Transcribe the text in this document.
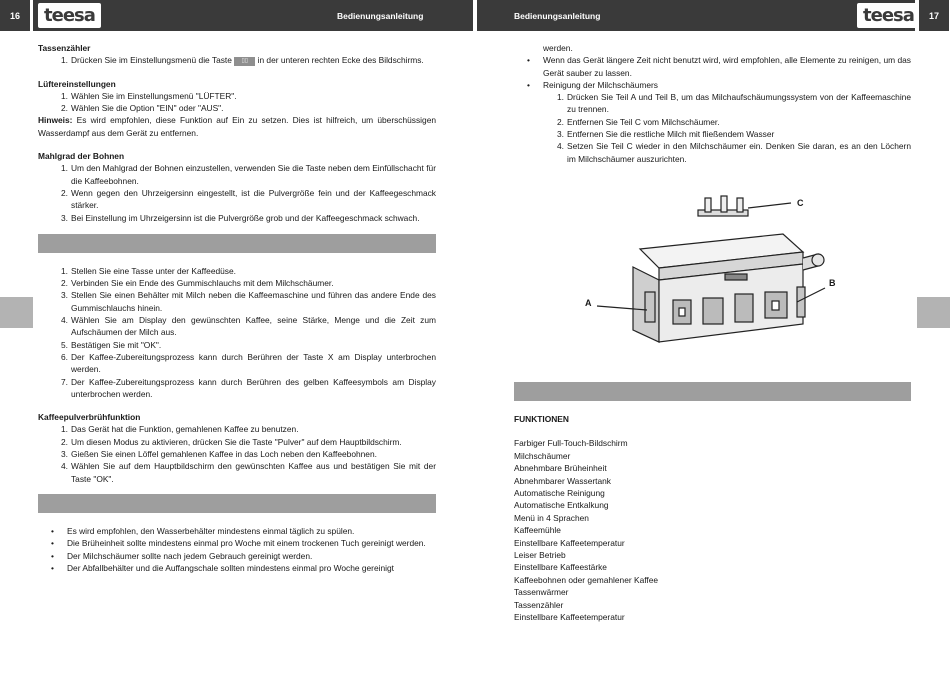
16	teesa	Bedienungsanleitung	Bedienungsanleitung	teesa	17
Tassenzähler
1. Drücken Sie im Einstellungsmenü die Taste ▯▯ in der unteren rechten Ecke des Bildschirms.
Lüftereinstellungen
1. Wählen Sie im Einstellungsmenü "LÜFTER".
2. Wählen Sie die Option "EIN" oder "AUS".
Hinweis: Es wird empfohlen, diese Funktion auf Ein zu setzen. Dies ist hilfreich, um überschüssigen Wasserdampf aus dem Gerät zu entfernen.
Mahlgrad der Bohnen
1. Um den Mahlgrad der Bohnen einzustellen, verwenden Sie die Taste neben dem Einfüllschacht für die Kaffeebohnen.
2. Wenn gegen den Uhrzeigersinn eingestellt, ist die Pulvergröße fein und der Kaffeegeschmack stärker.
3. Bei Einstellung im Uhrzeigersinn ist die Pulvergröße grob und der Kaffeegeschmack schwach.
1. Stellen Sie eine Tasse unter der Kaffeedüse.
2. Verbinden Sie ein Ende des Gummischlauchs mit dem Milchschäumer.
3. Stellen Sie einen Behälter mit Milch neben die Kaffeemaschine und führen das andere Ende des Gummischlauchs hinein.
4. Wählen Sie am Display den gewünschten Kaffee, seine Stärke, Menge und die Zeit zum Aufschäumen der Milch aus.
5. Bestätigen Sie mit "OK".
6. Der Kaffee-Zubereitungsprozess kann durch Berühren der Taste X am Display unterbrochen werden.
7. Der Kaffee-Zubereitungsprozess kann durch Berühren des gelben Kaffeesymbols am Display unterbrochen werden.
Kaffeepulverbrühfunktion
1. Das Gerät hat die Funktion, gemahlenen Kaffee zu benutzen.
2. Um diesen Modus zu aktivieren, drücken Sie die Taste "Pulver" auf dem Hauptbildschirm.
3. Gießen Sie einen Löffel gemahlenen Kaffee in das Loch neben den Kaffeebohnen.
4. Wählen Sie auf dem Hauptbildschirm den gewünschten Kaffee aus und bestätigen Sie mit der Taste "OK".
•	Es wird empfohlen, den Wasserbehälter mindestens einmal täglich zu spülen.
•	Die Brüheinheit sollte mindestens einmal pro Woche mit einem trockenen Tuch gereinigt werden.
•	Der Milchschäumer sollte nach jedem Gebrauch gereinigt werden.
•	Der Abfallbehälter und die Auffangschale sollten mindestens einmal pro Woche gereinigt
werden.
•	Wenn das Gerät längere Zeit nicht benutzt wird, wird empfohlen, alle Elemente zu reinigen, um das Gerät sauber zu lassen.
•	Reinigung der Milchschäumers
1. Drücken Sie Teil A und Teil B, um das Milchaufschäumungssystem von der Kaffeemaschine zu trennen.
2. Entfernen Sie Teil C vom Milchschäumer.
3. Entfernen Sie die restliche Milch mit fließendem Wasser
4. Setzen Sie Teil C wieder in den Milchschäumer ein. Denken Sie daran, es an den Löchern im Milchschäumer auszurichten.
C
A
B
FUNKTIONEN
Farbiger Full-Touch-Bildschirm
Milchschäumer
Abnehmbare Brüheinheit
Abnehmbarer Wassertank
Automatische Reinigung
Automatische Entkalkung
Menü in 4 Sprachen
Kaffeemühle
Einstellbare Kaffeetemperatur
Leiser Betrieb
Einstellbare Kaffeestärke
Kaffeebohnen oder gemahlener Kaffee
Tassenwärmer
Tassenzähler
Einstellbare Kaffeetemperatur
